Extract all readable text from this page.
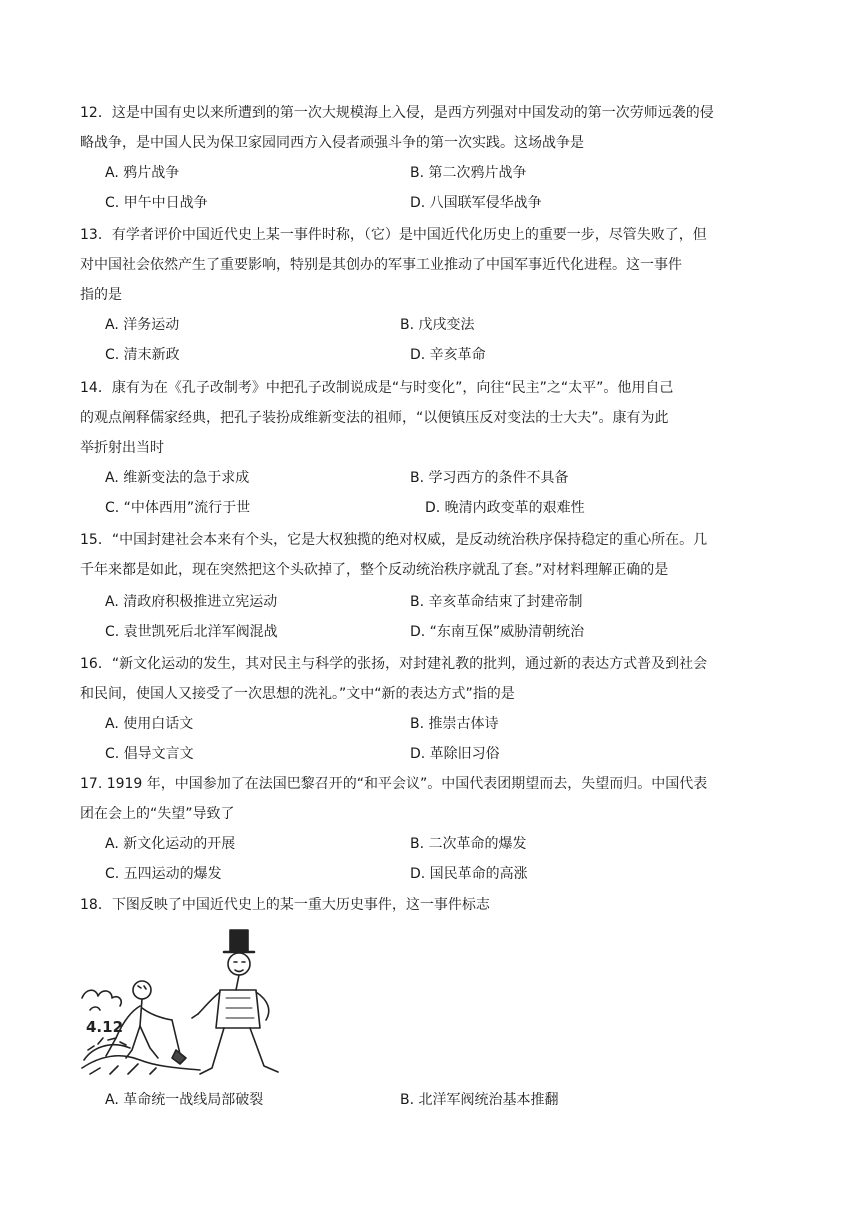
12．这是中国有史以来所遭到的第一次大规模海上入侵，是西方列强对中国发动的第一次劳师远袭的侵
略战争，是中国人民为保卫家园同西方入侵者顽强斗争的第一次实践。这场战争是
A. 鸦片战争	B. 第二次鸦片战争
C. 甲午中日战争	D. 八国联军侵华战争
13．有学者评价中国近代史上某一事件时称，（它）是中国近代化历史上的重要一步，尽管失败了，但
对中国社会依然产生了重要影响，特别是其创办的军事工业推动了中国军事近代化进程。这一事件
指的是
A. 洋务运动	B. 戊戌变法
C. 清末新政	D. 辛亥革命
14．康有为在《孔子改制考》中把孔子改制说成是“与时变化”，向往“民主”之“太平”。他用自己
的观点阐释儒家经典，把孔子装扮成维新变法的祖师，“以便镇压反对变法的士大夫”。康有为此
举折射出当时
A. 维新变法的急于求成	B. 学习西方的条件不具备
C. “中体西用”流行于世	D. 晚清内政变革的艰难性
15．“中国封建社会本来有个头，它是大权独揽的绝对权威，是反动统治秩序保持稳定的重心所在。几
千年来都是如此，现在突然把这个头砍掉了，整个反动统治秩序就乱了套。”对材料理解正确的是
A. 清政府积极推进立宪运动	B. 辛亥革命结束了封建帝制
C. 袁世凯死后北洋军阀混战	D. “东南互保”威胁清朝统治
16．“新文化运动的发生，其对民主与科学的张扬，对封建礼教的批判，通过新的表达方式普及到社会
和民间，使国人又接受了一次思想的洗礼。”文中“新的表达方式”指的是
A. 使用白话文	B. 推崇古体诗
C. 倡导文言文	D. 革除旧习俗
17. 1919 年，中国参加了在法国巴黎召开的“和平会议”。中国代表团期望而去，失望而归。中国代表
团在会上的“失望”导致了
A. 新文化运动的开展	B. 二次革命的爆发
C. 五四运动的爆发	D. 国民革命的高涨
18．下图反映了中国近代史上的某一重大历史事件，这一事件标志
4.12
A. 革命统一战线局部破裂	B. 北洋军阀统治基本推翻
